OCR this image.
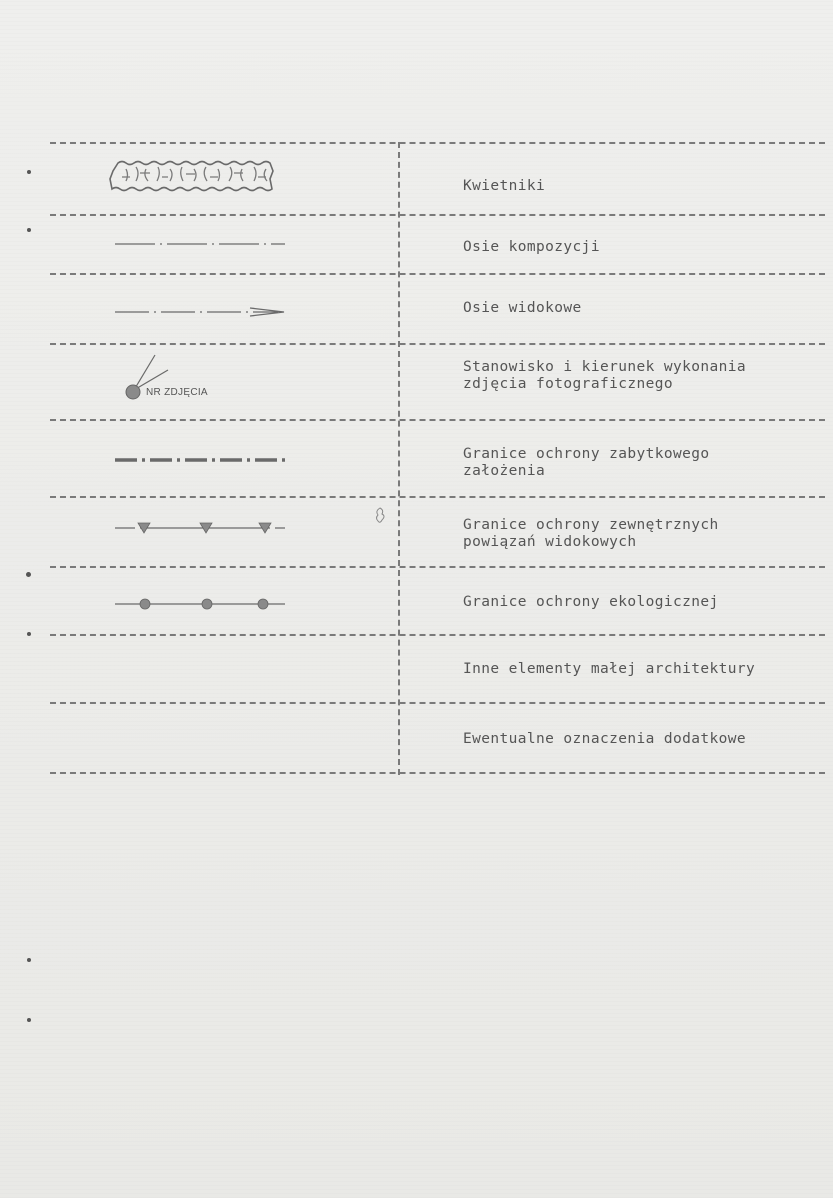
Kwietniki
Osie kompozycji
Osie widokowe
NR ZDJĘCIA
Stanowisko i kierunek wykonania
zdjęcia fotograficznego
Granice ochrony zabytkowego
założenia
Granice ochrony zewnętrznych
powiązań widokowych
Granice ochrony ekologicznej
Inne elementy małej architektury
Ewentualne oznaczenia dodatkowe
